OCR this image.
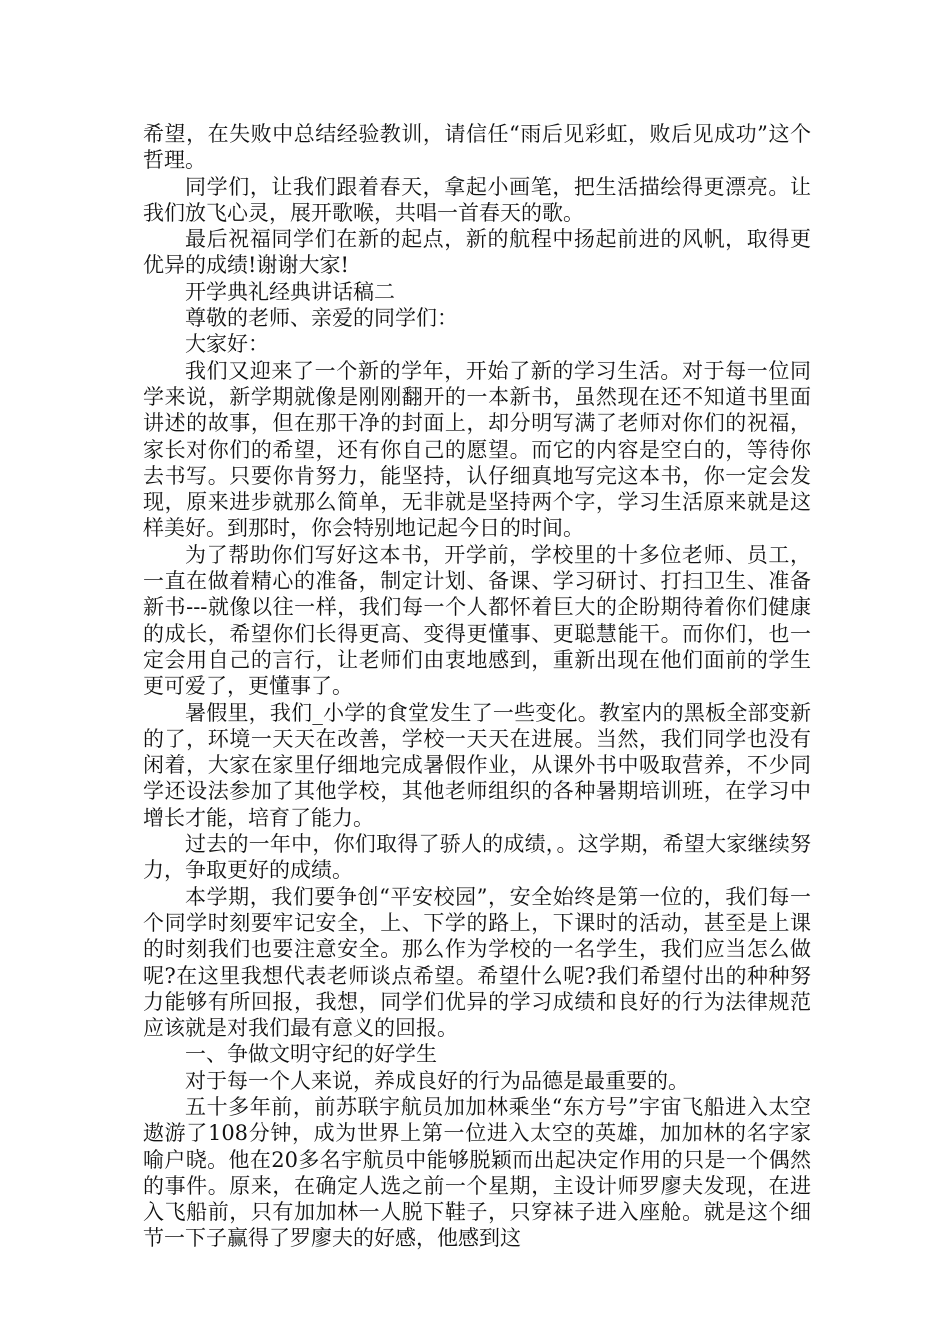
希望，在失败中总结经验教训，请信任“雨后见彩虹，败后见成功”这个哲理。

同学们，让我们跟着春天，拿起小画笔，把生活描绘得更漂亮。让我们放飞心灵，展开歌喉，共唱一首春天的歌。

最后祝福同学们在新的起点，新的航程中扬起前进的风帆，取得更优异的成绩!谢谢大家!

开学典礼经典讲话稿二

尊敬的老师、亲爱的同学们：

大家好：

我们又迎来了一个新的学年，开始了新的学习生活。对于每一位同学来说，新学期就像是刚刚翻开的一本新书，虽然现在还不知道书里面讲述的故事，但在那干净的封面上，却分明写满了老师对你们的祝福，家长对你们的希望，还有你自己的愿望。而它的内容是空白的，等待你去书写。只要你肯努力，能坚持，认仔细真地写完这本书，你一定会发现，原来进步就那么简单，无非就是坚持两个字，学习生活原来就是这样美好。到那时，你会特别地记起今日的时间。

为了帮助你们写好这本书，开学前，学校里的十多位老师、员工，一直在做着精心的准备，制定计划、备课、学习研讨、打扫卫生、准备新书---就像以往一样，我们每一个人都怀着巨大的企盼期待着你们健康的成长，希望你们长得更高、变得更懂事、更聪慧能干。而你们，也一定会用自己的言行，让老师们由衷地感到，重新出现在他们面前的学生更可爱了，更懂事了。

暑假里，我们_小学的食堂发生了一些变化。教室内的黑板全部变新的了，环境一天天在改善，学校一天天在进展。当然，我们同学也没有闲着，大家在家里仔细地完成暑假作业，从课外书中吸取营养，不少同学还设法参加了其他学校，其他老师组织的各种暑期培训班，在学习中增长才能，培育了能力。

过去的一年中，你们取得了骄人的成绩，。这学期，希望大家继续努力，争取更好的成绩。

本学期，我们要争创“平安校园”，安全始终是第一位的，我们每一个同学时刻要牢记安全，上、下学的路上，下课时的活动，甚至是上课的时刻我们也要注意安全。那么作为学校的一名学生，我们应当怎么做呢?在这里我想代表老师谈点希望。希望什么呢?我们希望付出的种种努力能够有所回报，我想，同学们优异的学习成绩和良好的行为法律规范应该就是对我们最有意义的回报。

一、争做文明守纪的好学生

对于每一个人来说，养成良好的行为品德是最重要的。

五十多年前，前苏联宇航员加加林乘坐“东方号”宇宙飞船进入太空遨游了108分钟，成为世界上第一位进入太空的英雄，加加林的名字家喻户晓。他在20多名宇航员中能够脱颖而出起决定作用的只是一个偶然的事件。原来，在确定人选之前一个星期，主设计师罗廖夫发现，在进入飞船前，只有加加林一人脱下鞋子，只穿袜子进入座舱。就是这个细节一下子赢得了罗廖夫的好感，他感到这
